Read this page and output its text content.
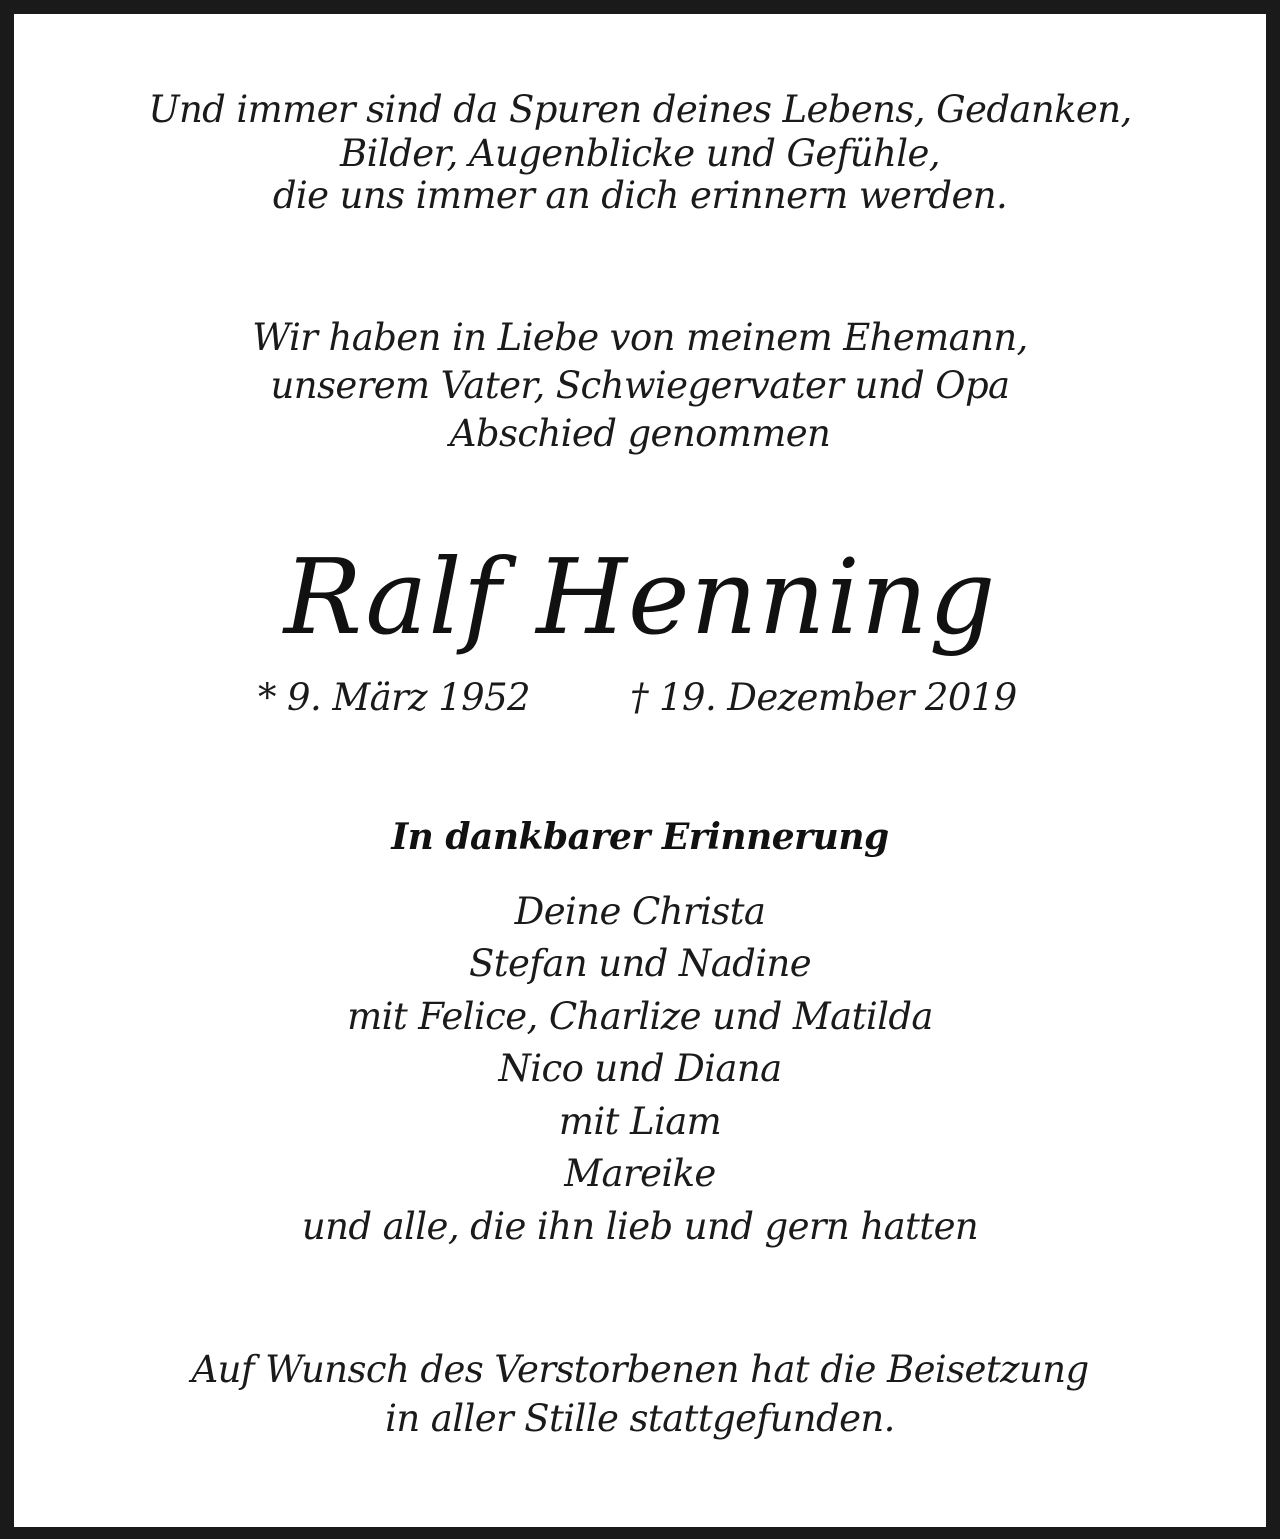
Und immer sind da Spuren deines Lebens, Gedanken,
Bilder, Augenblicke und Gefühle,
die uns immer an dich erinnern werden.
Wir haben in Liebe von meinem Ehemann,
unserem Vater, Schwiegervater und Opa
Abschied genommen
Ralf Henning
* 9. März 1952	† 19. Dezember 2019
In dankbarer Erinnerung
Deine Christa
Stefan und Nadine
mit Felice, Charlize und Matilda
Nico und Diana
mit Liam
Mareike
und alle, die ihn lieb und gern hatten
Auf Wunsch des Verstorbenen hat die Beisetzung
in aller Stille stattgefunden.
